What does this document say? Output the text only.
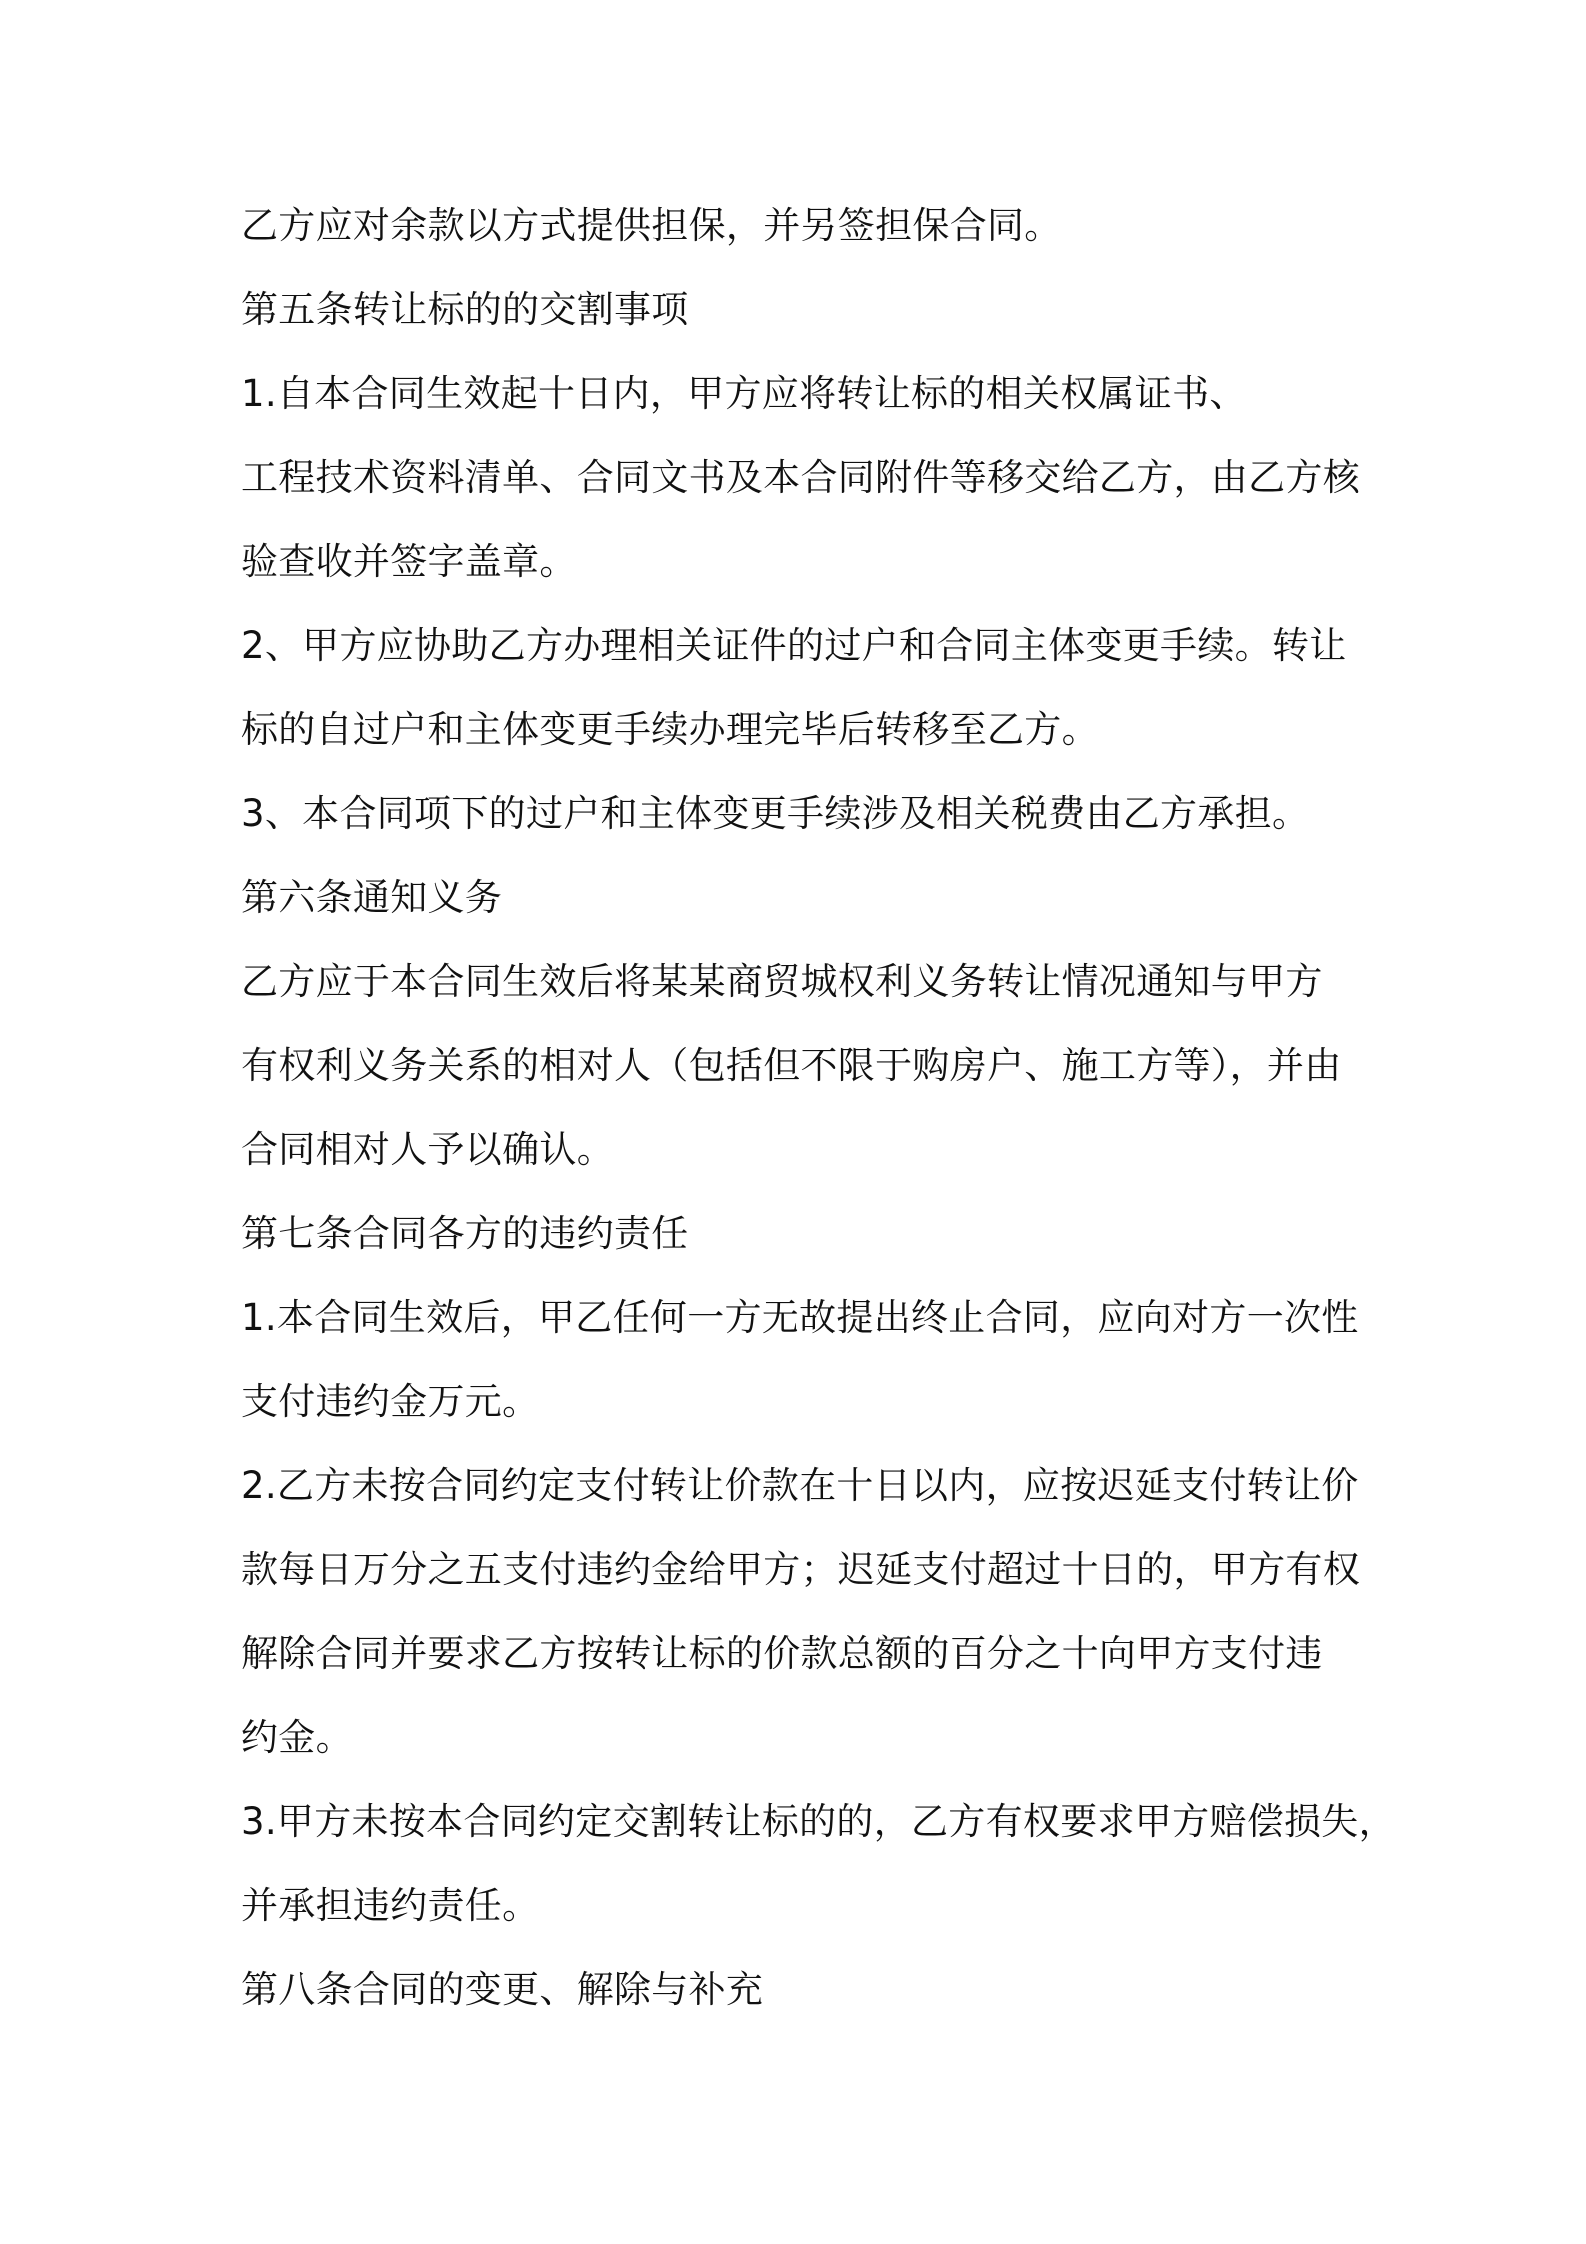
乙方应对余款以方式提供担保，并另签担保合同。
第五条转让标的的交割事项
1.自本合同生效起十日内，甲方应将转让标的相关权属证书、
工程技术资料清单、合同文书及本合同附件等移交给乙方，由乙方核
验查收并签字盖章。
2、甲方应协助乙方办理相关证件的过户和合同主体变更手续。转让
标的自过户和主体变更手续办理完毕后转移至乙方。
3、本合同项下的过户和主体变更手续涉及相关税费由乙方承担。
第六条通知义务
乙方应于本合同生效后将某某商贸城权利义务转让情况通知与甲方
有权利义务关系的相对人（包括但不限于购房户、施工方等），并由
合同相对人予以确认。
第七条合同各方的违约责任
1.本合同生效后，甲乙任何一方无故提出终止合同，应向对方一次性
支付违约金万元。
2.乙方未按合同约定支付转让价款在十日以内，应按迟延支付转让价
款每日万分之五支付违约金给甲方；迟延支付超过十日的，甲方有权
解除合同并要求乙方按转让标的价款总额的百分之十向甲方支付违
约金。
3.甲方未按本合同约定交割转让标的的，乙方有权要求甲方赔偿损失，
并承担违约责任。
第八条合同的变更、解除与补充
